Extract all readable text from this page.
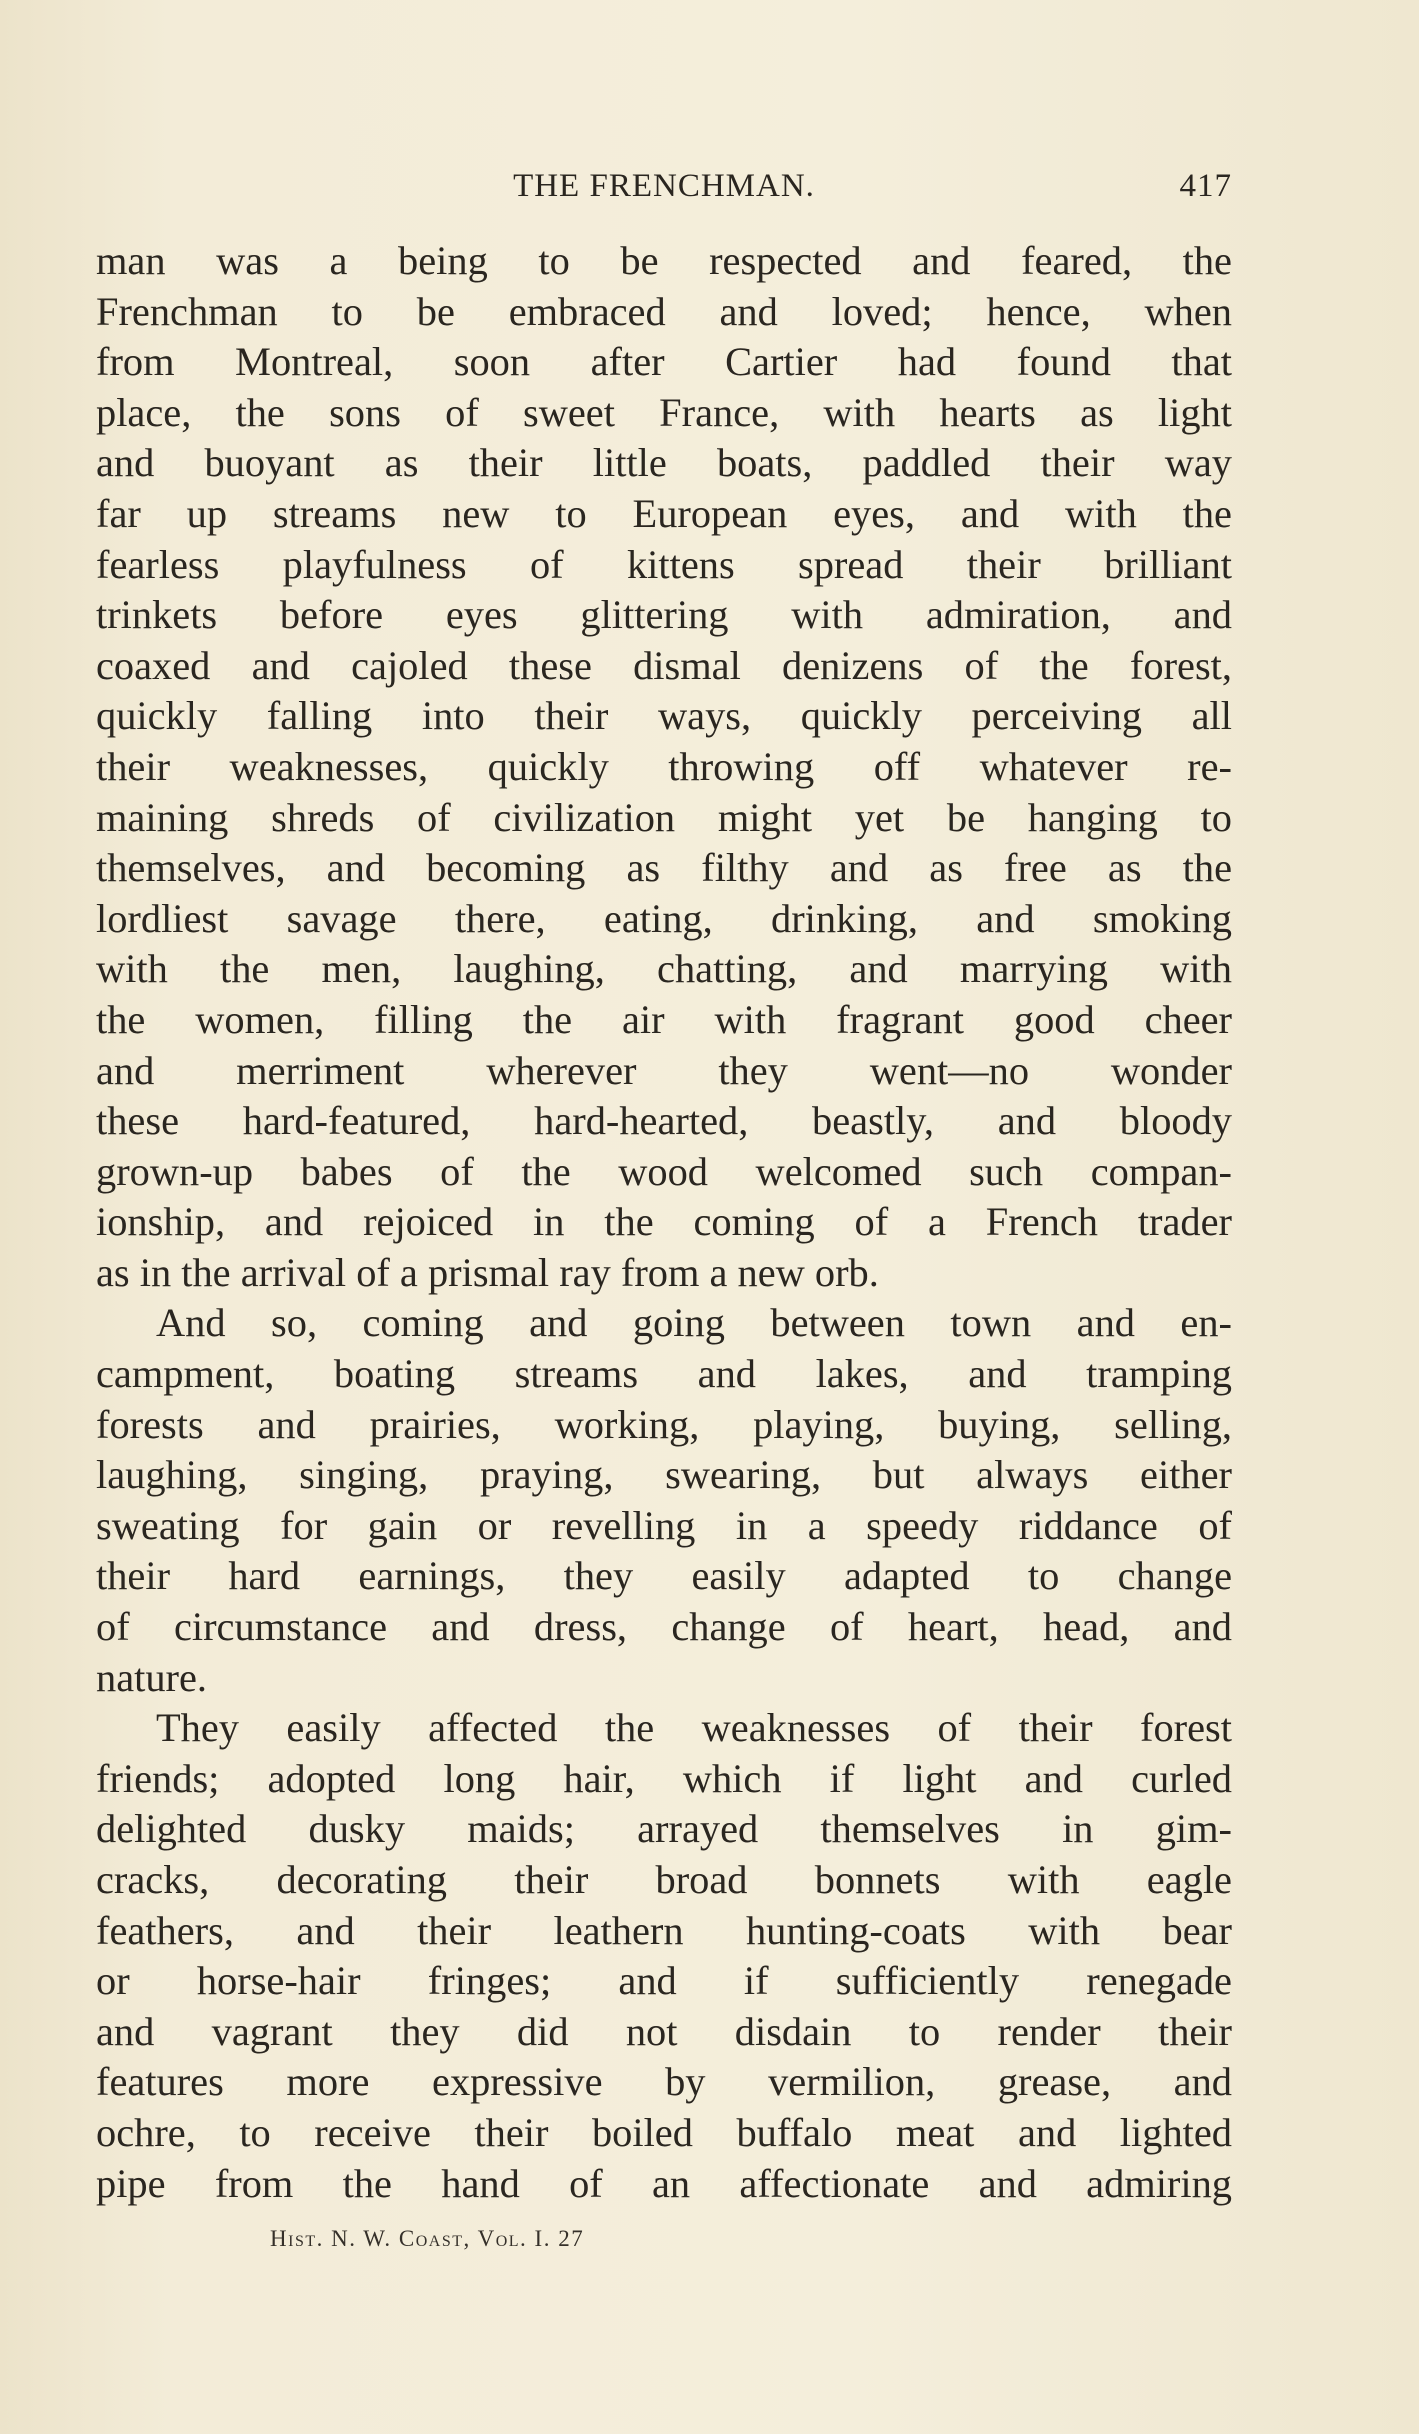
THE FRENCHMAN.	417
man was a being to be respected and feared, the
Frenchman to be embraced and loved; hence, when
from Montreal, soon after Cartier had found that
place, the sons of sweet France, with hearts as light
and buoyant as their little boats, paddled their way
far up streams new to European eyes, and with the
fearless playfulness of kittens spread their brilliant
trinkets before eyes glittering with admiration, and
coaxed and cajoled these dismal denizens of the forest,
quickly falling into their ways, quickly perceiving all
their weaknesses, quickly throwing off whatever re-
maining shreds of civilization might yet be hanging to
themselves, and becoming as filthy and as free as the
lordliest savage there, eating, drinking, and smoking
with the men, laughing, chatting, and marrying with
the women, filling the air with fragrant good cheer
and merriment wherever they went—no wonder
these hard-featured, hard-hearted, beastly, and bloody
grown-up babes of the wood welcomed such compan-
ionship, and rejoiced in the coming of a French trader
as in the arrival of a prismal ray from a new orb.
And so, coming and going between town and en-
campment, boating streams and lakes, and tramping
forests and prairies, working, playing, buying, selling,
laughing, singing, praying, swearing, but always either
sweating for gain or revelling in a speedy riddance of
their hard earnings, they easily adapted to change
of circumstance and dress, change of heart, head, and
nature.
They easily affected the weaknesses of their forest
friends; adopted long hair, which if light and curled
delighted dusky maids; arrayed themselves in gim-
cracks, decorating their broad bonnets with eagle
feathers, and their leathern hunting-coats with bear
or horse-hair fringes; and if sufficiently renegade
and vagrant they did not disdain to render their
features more expressive by vermilion, grease, and
ochre, to receive their boiled buffalo meat and lighted
pipe from the hand of an affectionate and admiring
Hist. N. W. Coast, Vol. I. 27
